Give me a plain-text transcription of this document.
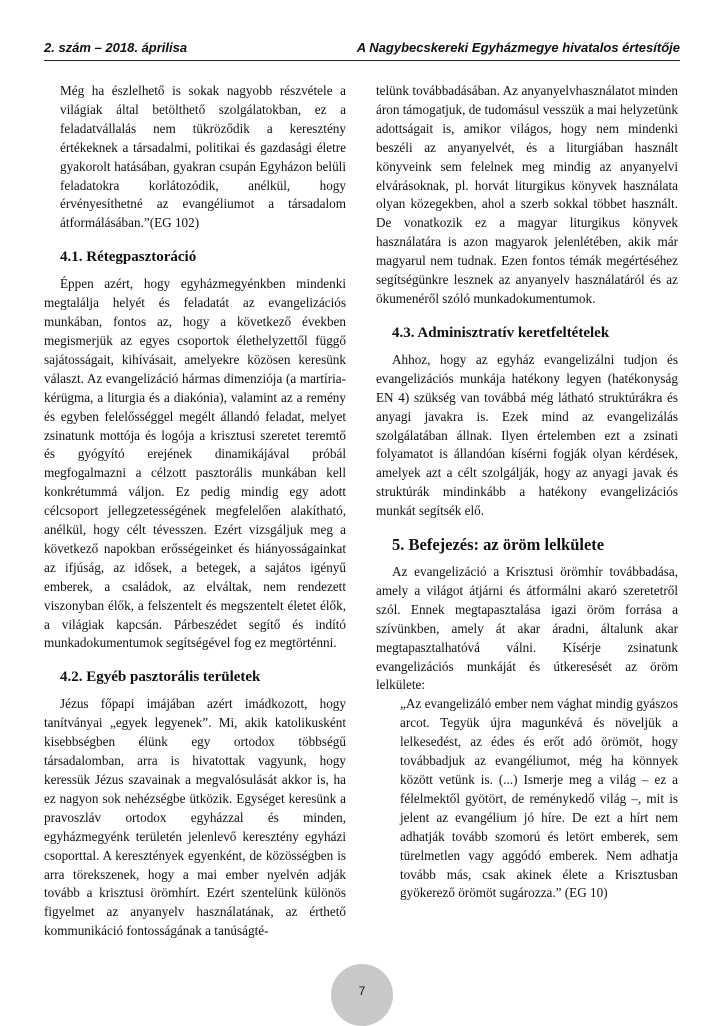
2. szám – 2018. áprilisa	A Nagybecskereki Egyházmegye hivatalos értesítője

Még ha észlelhető is sokak nagyobb részvétele a világiak által betölthető szolgálatokban, ez a feladatvállalás nem tükröződik a keresztény értékeknek a társadalmi, politikai és gazdasági életre gyakorolt hatásában, gyakran csupán Egyházon belüli feladatokra korlátozódik, anélkül, hogy érvényesíthetné az evangéliumot a társadalom átformálásában.”(EG 102)

4.1. Rétegpasztoráció

Éppen azért, hogy egyházmegyénkben mindenki megtalálja helyét és feladatát az evangelizációs munkában, fontos az, hogy a következő években megismerjük az egyes csoportok élethelyzettől függő sajátosságait, kihívásait, amelyekre közösen keresünk választ. Az evangelizáció hármas dimenziója (a martíria-kérügma, a liturgia és a diakónia), valamint az a remény és egyben felelősséggel megélt állandó feladat, melyet zsinatunk mottója és logója a krisztusi szeretet teremtő és gyógyító erejének dinamikájával próbál megfogalmazni a célzott pasztorális munkában kell konkrétummá váljon. Ez pedig mindig egy adott célcsoport jellegzetességének megfelelően alakítható, anélkül, hogy célt tévesszen. Ezért vizsgáljuk meg a következő napokban erősségeinket és hiányosságainkat az ifjúság, az idősek, a betegek, a sajátos igényű emberek, a családok, az elváltak, nem rendezett viszonyban élők, a felszentelt és megszentelt életet élők, a világiak kapcsán. Párbeszédet segítő és indító munkadokumentumok segítségével fog ez megtörténni.

4.2. Egyéb pasztorális területek

Jézus főpapi imájában azért imádkozott, hogy tanítványai „egyek legyenek”. Mi, akik katolikusként kisebbségben élünk egy ortodox többségű társadalomban, arra is hivatottak vagyunk, hogy keressük Jézus szavainak a megvalósulását akkor is, ha ez nagyon sok nehézségbe ütközik. Egységet keresünk a pravoszláv ortodox egyházzal és minden, egyházmegyénk területén jelenlevő keresztény egyházi csoporttal. A keresztények egyenként, de közösségben is arra törekszenek, hogy a mai ember nyelvén adják tovább a krisztusi örömhírt. Ezért szentelünk különös figyelmet az anyanyelv használatának, az érthető kommunikáció fontosságának a tanúságté-

telünk továbbadásában. Az anyanyelvhasználatot minden áron támogatjuk, de tudomásul vesszük a mai helyzetünk adottságait is, amikor világos, hogy nem mindenki beszéli az anyanyelvét, és a liturgiában használt könyveink sem felelnek meg mindig az anyanyelvi elvárásoknak, pl. horvát liturgikus könyvek használata olyan közegekben, ahol a szerb sokkal többet használt. De vonatkozik ez a magyar liturgikus könyvek használatára is azon magyarok jelenlétében, akik már magyarul nem tudnak. Ezen fontos témák megértéséhez segítségünkre lesznek az anyanyelv használatáról és az ökumenéről szóló munkadokumentumok.

4.3. Adminisztratív keretfeltételek

Ahhoz, hogy az egyház evangelizálni tudjon és evangelizációs munkája hatékony legyen (hatékonyság EN 4) szükség van továbbá még látható struktúrákra és anyagi javakra is. Ezek mind az evangelizálás szolgálatában állnak. Ilyen értelemben ezt a zsinati folyamatot is állandóan kísérni fogják olyan kérdések, amelyek azt a célt szolgálják, hogy az anyagi javak és struktúrák mindinkább a hatékony evangelizációs munkát segítsék elő.

5. Befejezés: az öröm lelkülete

Az evangelizáció a Krisztusi örömhír továbbadása, amely a világot átjárni és átformálni akaró szeretetről szól. Ennek megtapasztalása igazi öröm forrása a szívünkben, amely át akar áradni, általunk akar megtapasztalhatóvá válni. Kísérje zsinatunk evangelizációs munkáját és útkeresését az öröm lelkülete:

„Az evangelizáló ember nem vághat mindig gyászos arcot. Tegyük újra magunkévá és növeljük a lelkesedést, az édes és erőt adó örömöt, hogy továbbadjuk az evangéliumot, még ha könnyek között vetünk is. (...) Ismerje meg a világ – ez a félelmektől gyötört, de reménykedő világ –, mit is jelent az evangélium jó híre. De ezt a hírt nem adhatják tovább szomorú és letört emberek, sem türelmetlen vagy aggódó emberek. Nem adhatja tovább más, csak akinek élete a Krisztusban gyökerező örömöt sugározza.” (EG 10)

7
